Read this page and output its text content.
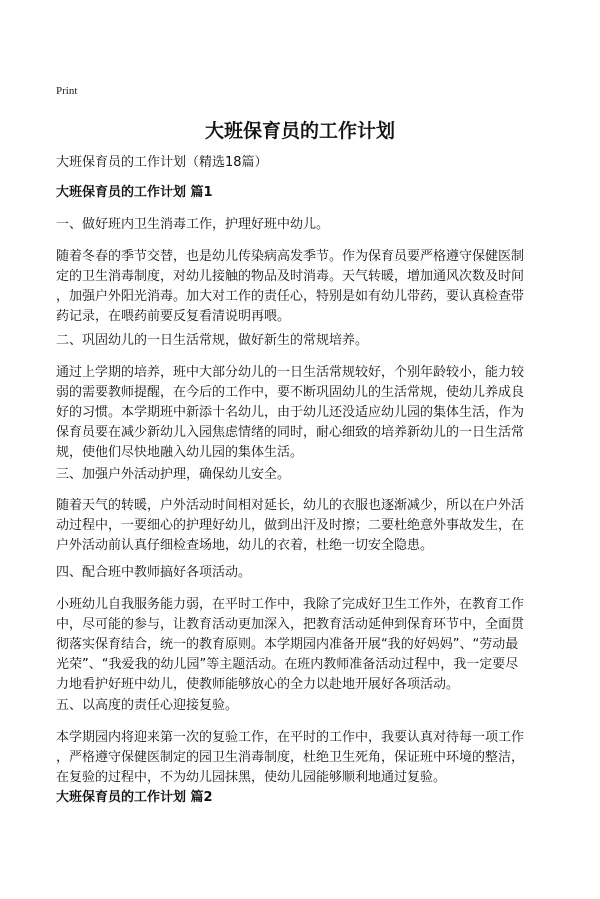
Print
大班保育员的工作计划
大班保育员的工作计划（精选18篇）
大班保育员的工作计划 篇1
一、做好班内卫生消毒工作，护理好班中幼儿。
随着冬春的季节交替，也是幼儿传染病高发季节。作为保育员要严格遵守保健医制
定的卫生消毒制度，对幼儿接触的物品及时消毒。天气转暖，增加通风次数及时间
，加强户外阳光消毒。加大对工作的责任心，特别是如有幼儿带药，要认真检查带
药记录，在喂药前要反复看清说明再喂。
二、巩固幼儿的一日生活常规，做好新生的常规培养。
通过上学期的培养，班中大部分幼儿的一日生活常规较好，个别年龄较小，能力较
弱的需要教师提醒，在今后的工作中，要不断巩固幼儿的生活常规，使幼儿养成良
好的习惯。本学期班中新添十名幼儿，由于幼儿还没适应幼儿园的集体生活，作为
保育员要在减少新幼儿入园焦虑情绪的同时，耐心细致的培养新幼儿的一日生活常
规，使他们尽快地融入幼儿园的集体生活。
三、加强户外活动护理，确保幼儿安全。
随着天气的转暖，户外活动时间相对延长，幼儿的衣服也逐渐减少，所以在户外活
动过程中，一要细心的护理好幼儿，做到出汗及时擦；二要杜绝意外事故发生，在
户外活动前认真仔细检查场地，幼儿的衣着，杜绝一切安全隐患。
四、配合班中教师搞好各项活动。
小班幼儿自我服务能力弱，在平时工作中，我除了完成好卫生工作外，在教育工作
中，尽可能的参与，让教育活动更加深入，把教育活动延伸到保育环节中，全面贯
彻落实保育结合，统一的教育原则。本学期园内准备开展“我的好妈妈”、“劳动最
光荣”、“我爱我的幼儿园”等主题活动。在班内教师准备活动过程中，我一定要尽
力地看护好班中幼儿，使教师能够放心的全力以赴地开展好各项活动。
五、以高度的责任心迎接复验。
本学期园内将迎来第一次的复验工作，在平时的工作中，我要认真对待每一项工作
，严格遵守保健医制定的园卫生消毒制度，杜绝卫生死角，保证班中环境的整洁，
在复验的过程中，不为幼儿园抹黑，使幼儿园能够顺利地通过复验。
大班保育员的工作计划 篇2
